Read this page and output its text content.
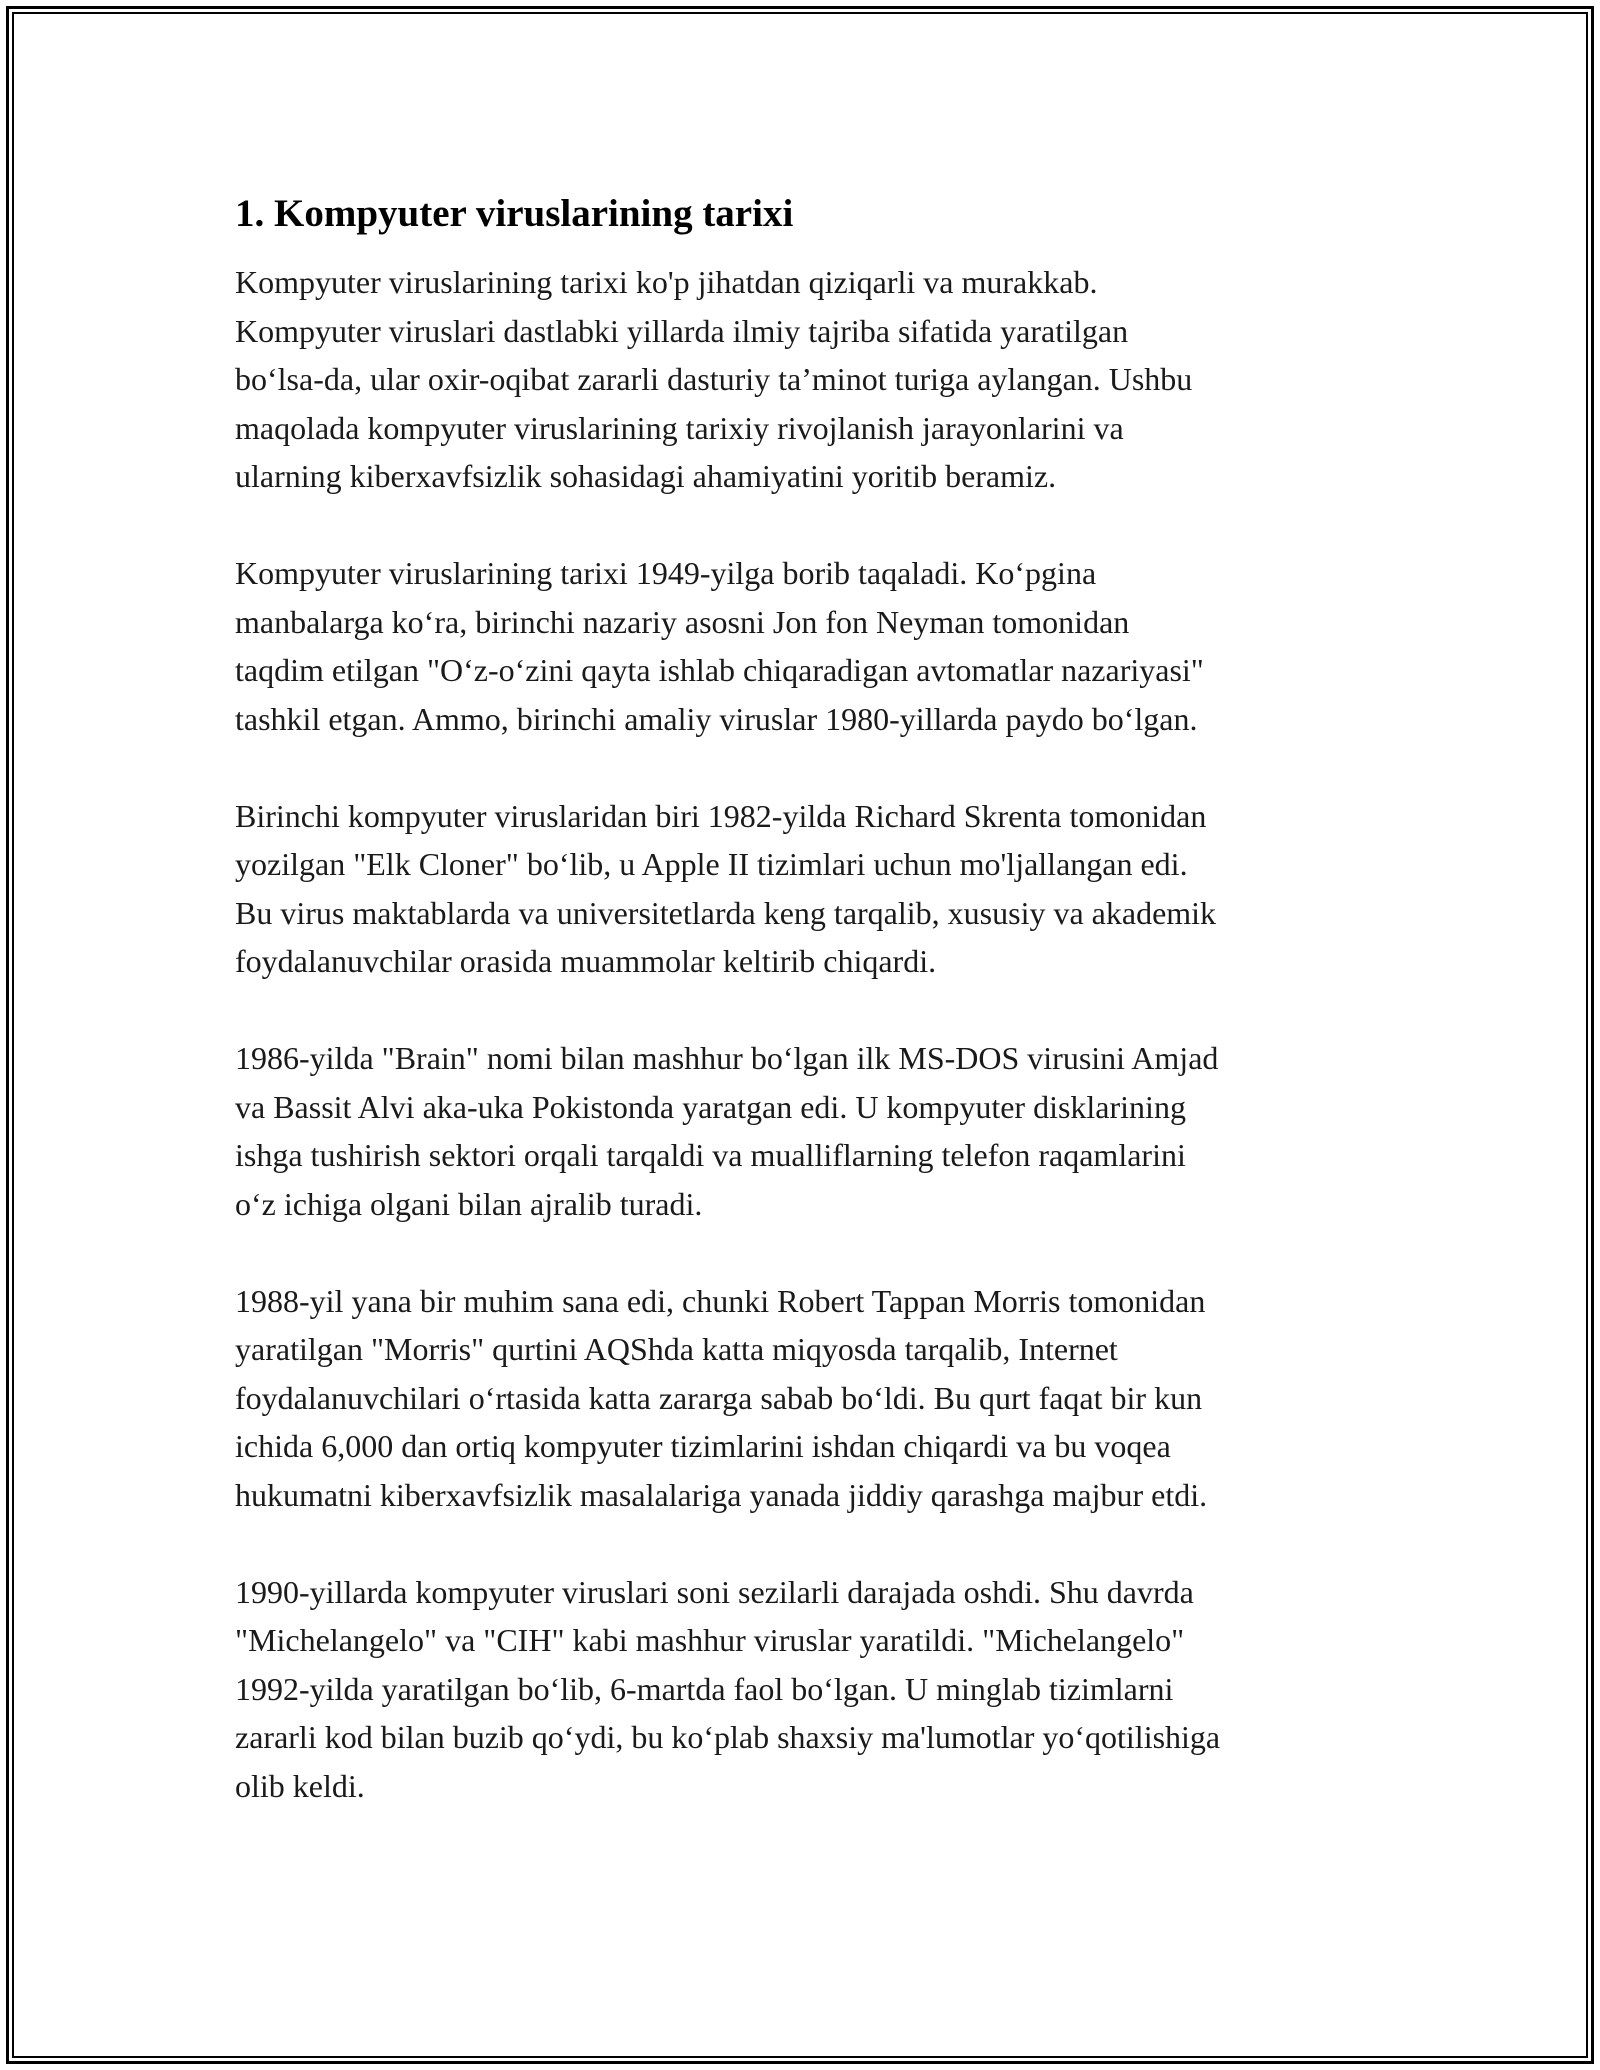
1. Kompyuter viruslarining tarixi

Kompyuter viruslarining tarixi ko'p jihatdan qiziqarli va murakkab.
Kompyuter viruslari dastlabki yillarda ilmiy tajriba sifatida yaratilgan
bo‘lsa-da, ular oxir-oqibat zararli dasturiy ta’minot turiga aylangan. Ushbu
maqolada kompyuter viruslarining tarixiy rivojlanish jarayonlarini va
ularning kiberxavfsizlik sohasidagi ahamiyatini yoritib beramiz.

Kompyuter viruslarining tarixi 1949-yilga borib taqaladi. Ko‘pgina
manbalarga ko‘ra, birinchi nazariy asosni Jon fon Neyman tomonidan
taqdim etilgan "O‘z-o‘zini qayta ishlab chiqaradigan avtomatlar nazariyasi"
tashkil etgan. Ammo, birinchi amaliy viruslar 1980-yillarda paydo bo‘lgan.

Birinchi kompyuter viruslaridan biri 1982-yilda Richard Skrenta tomonidan
yozilgan "Elk Cloner" bo‘lib, u Apple II tizimlari uchun mo'ljallangan edi.
Bu virus maktablarda va universitetlarda keng tarqalib, xususiy va akademik
foydalanuvchilar orasida muammolar keltirib chiqardi.

1986-yilda "Brain" nomi bilan mashhur bo‘lgan ilk MS-DOS virusini Amjad
va Bassit Alvi aka-uka Pokistonda yaratgan edi. U kompyuter disklarining
ishga tushirish sektori orqali tarqaldi va mualliflarning telefon raqamlarini
o‘z ichiga olgani bilan ajralib turadi.

1988-yil yana bir muhim sana edi, chunki Robert Tappan Morris tomonidan
yaratilgan "Morris" qurtini AQShda katta miqyosda tarqalib, Internet
foydalanuvchilari o‘rtasida katta zararga sabab bo‘ldi. Bu qurt faqat bir kun
ichida 6,000 dan ortiq kompyuter tizimlarini ishdan chiqardi va bu voqea
hukumatni kiberxavfsizlik masalalariga yanada jiddiy qarashga majbur etdi.

1990-yillarda kompyuter viruslari soni sezilarli darajada oshdi. Shu davrda
"Michelangelo" va "CIH" kabi mashhur viruslar yaratildi. "Michelangelo"
1992-yilda yaratilgan bo‘lib, 6-martda faol bo‘lgan. U minglab tizimlarni
zararli kod bilan buzib qo‘ydi, bu ko‘plab shaxsiy ma'lumotlar yo‘qotilishiga
olib keldi.
